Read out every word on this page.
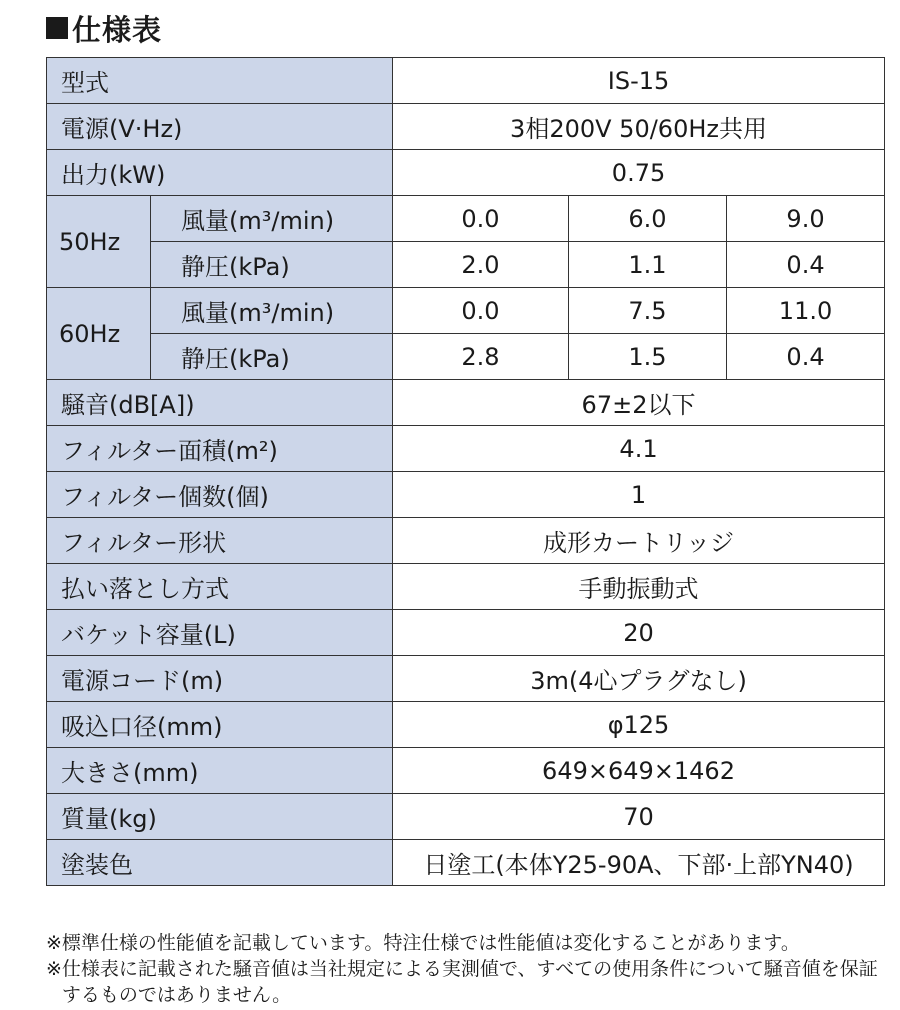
仕様表
型式		IS-15		
電源(V·Hz)		3相200V 50/60Hz共用		
出力(kW)		0.75		
50Hz	風量(m³/min)	0.0	6.0	9.0
	静圧(kPa)	2.0	1.1	0.4
60Hz	風量(m³/min)	0.0	7.5	11.0
	静圧(kPa)	2.8	1.5	0.4
騒音(dB[A])		67±2以下		
フィルター面積(m²)		4.1		
フィルター個数(個)		1		
フィルター形状		成形カートリッジ		
払い落とし方式		手動振動式		
バケット容量(L)		20		
電源コード(m)		3m(4心プラグなし)		
吸込口径(mm)		φ125		
大きさ(mm)		649×649×1462		
質量(kg)		70		
塗装色		日塗工(本体Y25-90A、下部·上部YN40)		
※ 標準仕様の性能値を記載しています。特注仕様では性能値は変化することがあります。
※ 仕様表に記載された騒音値は当社規定による実測値で、すべての使用条件について騒音値を保証するものではありません。
